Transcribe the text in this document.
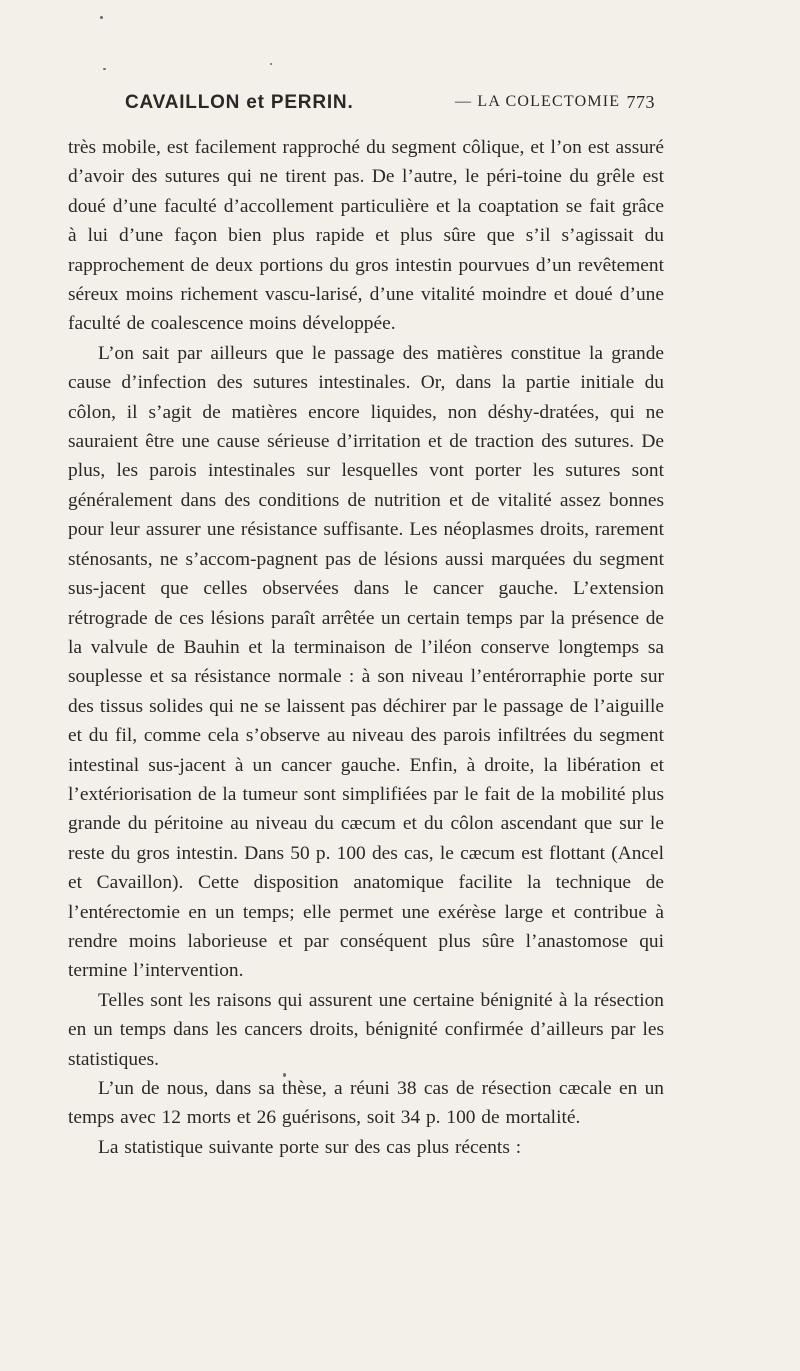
CAVAILLON et PERRIN.	— LA COLECTOMIE 773

très mobile, est facilement rapproché du segment côlique, et l’on est assuré d’avoir des sutures qui ne tirent pas. De l’autre, le péri-toine du grêle est doué d’une faculté d’accollement particulière et la coaptation se fait grâce à lui d’une façon bien plus rapide et plus sûre que s’il s’agissait du rapprochement de deux portions du gros intestin pourvues d’un revêtement séreux moins richement vascu-larisé, d’une vitalité moindre et doué d’une faculté de coalescence moins développée.

L’on sait par ailleurs que le passage des matières constitue la grande cause d’infection des sutures intestinales. Or, dans la partie initiale du côlon, il s’agit de matières encore liquides, non déshy-dratées, qui ne sauraient être une cause sérieuse d’irritation et de traction des sutures. De plus, les parois intestinales sur lesquelles vont porter les sutures sont généralement dans des conditions de nutrition et de vitalité assez bonnes pour leur assurer une résistance suffisante. Les néoplasmes droits, rarement sténosants, ne s’accom-pagnent pas de lésions aussi marquées du segment sus-jacent que celles observées dans le cancer gauche. L’extension rétrograde de ces lésions paraît arrêtée un certain temps par la présence de la valvule de Bauhin et la terminaison de l’iléon conserve longtemps sa souplesse et sa résistance normale : à son niveau l’entérorraphie porte sur des tissus solides qui ne se laissent pas déchirer par le passage de l’aiguille et du fil, comme cela s’observe au niveau des parois infiltrées du segment intestinal sus-jacent à un cancer gauche. Enfin, à droite, la libération et l’extériorisation de la tumeur sont simplifiées par le fait de la mobilité plus grande du péritoine au niveau du cæcum et du côlon ascendant que sur le reste du gros intestin. Dans 50 p. 100 des cas, le cæcum est flottant (Ancel et Cavaillon). Cette disposition anatomique facilite la technique de l’entérectomie en un temps; elle permet une exérèse large et contribue à rendre moins laborieuse et par conséquent plus sûre l’anastomose qui termine l’intervention.

Telles sont les raisons qui assurent une certaine bénignité à la résection en un temps dans les cancers droits, bénignité confirmée d’ailleurs par les statistiques.

L’un de nous, dans sa thèse, a réuni 38 cas de résection cæcale en un temps avec 12 morts et 26 guérisons, soit 34 p. 100 de mortalité.

La statistique suivante porte sur des cas plus récents :
